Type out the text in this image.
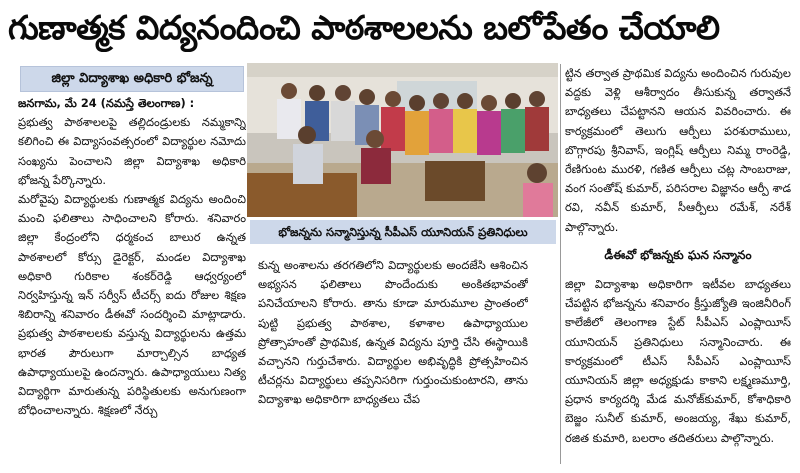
గుణాత్మక విద్యనందించి పాఠశాలలను బలోపేతం చేయాలి
జిల్లా విద్యాశాఖ అధికారి భోజన్న

జనగామ, మే 24 (నమస్తే తెలంగాణ) :

ప్రభుత్వ పాఠశాలలపై తల్లిదండ్రులకు నమ్మకాన్ని కలిగించి ఈ విద్యాసంవత్సరంలో విద్యార్థుల నమోదు సంఖ్యను పెంచాలని జిల్లా విద్యాశాఖ అధికారి భోజన్న పేర్కొన్నారు.

మరోవైపు విద్యార్థులకు గుణాత్మక విద్యను అందించి మంచి ఫలితాలు సాధించాలని కోరారు. శనివారం జిల్లా కేంద్రంలోని ధర్మకంచ బాలుర ఉన్నత పాఠశాలలో కోర్సు డైరెక్టర్, మండల విద్యాశాఖ అధికారి గురికాల శంకర్‌రెడ్డి ఆధ్వర్యంలో నిర్వహిస్తున్న ఇన్ సర్వీస్ టీచర్స్ ఐదు రోజుల శిక్షణ శిబిరాన్ని శనివారం డీఈవో సందర్శించి మాట్లాడారు. ప్రభుత్వ పాఠశాలలకు వస్తున్న విద్యార్థులను ఉత్తమ భారత పౌరులుగా మార్చాల్సిన బాధ్యత ఉపాధ్యాయులపై ఉందన్నారు. ఉపాధ్యాయులు నిత్య విద్యార్థిగా మారుతున్న పరిస్థితులకు అనుగుణంగా బోధించాలన్నారు. శిక్షణలో నేర్చు

భోజన్నను సన్మానిస్తున్న సీపీఎస్ యూనియన్ ప్రతినిధులు

కున్న అంశాలను తరగతిలోని విద్యార్థులకు అందజేసి ఆశించిన అభ్యసన ఫలితాలు పొందేందుకు అంకితభావంతో పనిచేయాలని కోరారు. తాను కూడా మారుమూల ప్రాంతంలో పుట్టి ప్రభుత్వ పాఠశాల, కళాశాల ఉపాధ్యాయుల ప్రోత్సాహంతో ప్రాథమిక, ఉన్నత విద్యను పూర్తి చేసి ఈస్థాయికి వచ్చానని గుర్తుచేశారు. విద్యార్థుల అభివృద్ధికి ప్రోత్సహించిన టీచర్లను విద్యార్థులు తప్పనిసరిగా గుర్తుంచుకుంటారని, తాను విద్యాశాఖ అధికారిగా బాధ్యతలు చేప

ట్టిన తర్వాత ప్రాథమిక విద్యను అందించిన గురువుల వద్దకు వెళ్లి ఆశీర్వాదం తీసుకున్న తర్వాతనే బాధ్యతలు చేపట్టానని ఆయన వివరించారు. ఈ కార్యక్రమంలో తెలుగు ఆర్పీలు పరశురాములు, బొగ్గారపు శ్రీనివాస్, ఇంగ్లిష్ ఆర్పీలు నిమ్మ రాంరెడ్డి, రేణిగుంట మురళి, గణిత ఆర్పీలు చట్ల సాంబరాజు, వంగ సంతోష్ కుమార్, పరిసరాల విజ్ఞానం ఆర్పీ శాడ రవి, నవీన్ కుమార్, సీఆర్పీలు రమేశ్, నరేశ్ పాల్గొన్నారు.

డీఈవో భోజన్నకు ఘన సన్మానం

జిల్లా విద్యాశాఖ అధికారిగా ఇటీవల బాధ్యతలు చేపట్టిన భోజన్నను శనివారం క్రీస్తుజ్యోతి ఇంజినీరింగ్ కాలేజీలో తెలంగాణ స్టేట్ సీపీఎస్ ఎంప్లాయీస్ యూనియన్ ప్రతినిధులు సన్మానించారు. ఈ కార్యక్రమంలో టీఎస్ సీపీఎస్ ఎంప్లాయీస్ యూనియన్ జిల్లా అధ్యక్షుడు కాకాని లక్ష్మణమూర్తి, ప్రధాన కార్యదర్శి మేడ మనోజ్‌కుమార్, కోశాధికారి బెజ్జం సునీల్ కుమార్, అంజయ్య, శేఖు కుమార్, రజిత కుమారి, బలరాం తదితరులు పాల్గొన్నారు.
